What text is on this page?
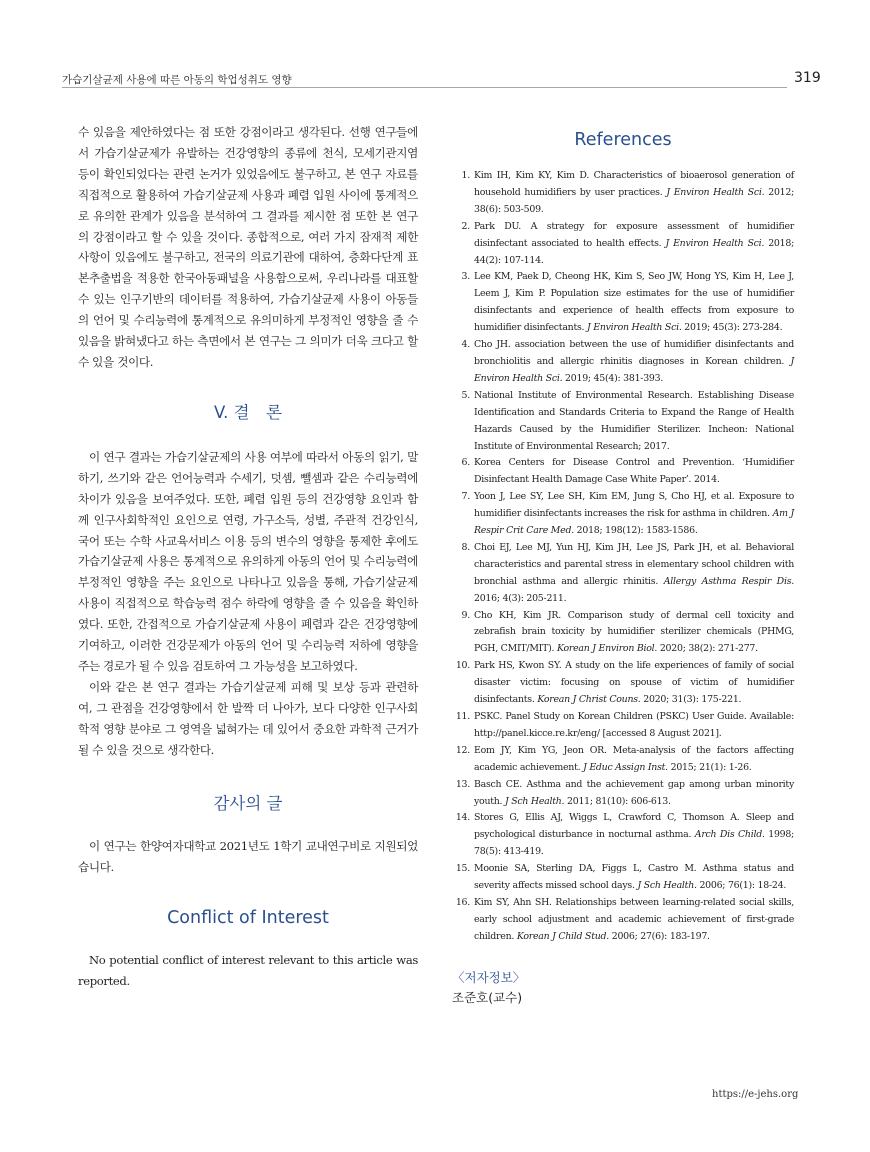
가습기살균제 사용에 따른 아동의 학업성취도 영향	319

수 있음을 제안하였다는 점 또한 강점이라고 생각된다. 선행 연구들에서 가습기살균제가 유발하는 건강영향의 종류에 천식, 모세기관지염 등이 확인되었다는 관련 논거가 있었음에도 불구하고, 본 연구 자료를 직접적으로 활용하여 가습기살균제 사용과 폐렴 입원 사이에 통계적으로 유의한 관계가 있음을 분석하여 그 결과를 제시한 점 또한 본 연구의 강점이라고 할 수 있을 것이다. 종합적으로, 여러 가지 잠재적 제한 사항이 있음에도 불구하고, 전국의 의료기관에 대하여, 층화다단계 표본추출법을 적용한 한국아동패널을 사용함으로써, 우리나라를 대표할 수 있는 인구기반의 데이터를 적용하여, 가습기살균제 사용이 아동들의 언어 및 수리능력에 통계적으로 유의미하게 부정적인 영향을 줄 수 있음을 밝혀냈다고 하는 측면에서 본 연구는 그 의미가 더욱 크다고 할 수 있을 것이다.

V. 결　론

이 연구 결과는 가습기살균제의 사용 여부에 따라서 아동의 읽기, 말하기, 쓰기와 같은 언어능력과 수세기, 덧셈, 뺄셈과 같은 수리능력에 차이가 있음을 보여주었다. 또한, 폐렴 입원 등의 건강영향 요인과 함께 인구사회학적인 요인으로 연령, 가구소득, 성별, 주관적 건강인식, 국어 또는 수학 사교육서비스 이용 등의 변수의 영향을 통제한 후에도 가습기살균제 사용은 통계적으로 유의하게 아동의 언어 및 수리능력에 부정적인 영향을 주는 요인으로 나타나고 있음을 통해, 가습기살균제 사용이 직접적으로 학습능력 점수 하락에 영향을 줄 수 있음을 확인하였다. 또한, 간접적으로 가습기살균제 사용이 폐렴과 같은 건강영향에 기여하고, 이러한 건강문제가 아동의 언어 및 수리능력 저하에 영향을 주는 경로가 될 수 있음 검토하여 그 가능성을 보고하였다.

이와 같은 본 연구 결과는 가습기살균제 피해 및 보상 등과 관련하여, 그 관점을 건강영향에서 한 발짝 더 나아가, 보다 다양한 인구사회학적 영향 분야로 그 영역을 넓혀가는 데 있어서 중요한 과학적 근거가 될 수 있을 것으로 생각한다.

감사의 글

이 연구는 한양여자대학교 2021년도 1학기 교내연구비로 지원되었습니다.

Conflict of Interest

No potential conflict of interest relevant to this article was reported.

References
1. Kim IH, Kim KY, Kim D. Characteristics of bioaerosol generation of household humidifiers by user practices. J Environ Health Sci. 2012; 38(6): 503-509.
2. Park DU. A strategy for exposure assessment of humidifier disinfectant associated to health effects. J Environ Health Sci. 2018; 44(2): 107-114.
3. Lee KM, Paek D, Cheong HK, Kim S, Seo JW, Hong YS, Kim H, Lee J, Leem J, Kim P. Population size estimates for the use of humidifier disinfectants and experience of health effects from exposure to humidifier disinfectants. J Environ Health Sci. 2019; 45(3): 273-284.
4. Cho JH. association between the use of humidifier disinfectants and bronchiolitis and allergic rhinitis diagnoses in Korean children. J Environ Health Sci. 2019; 45(4): 381-393.
5. National Institute of Environmental Research. Establishing Disease Identification and Standards Criteria to Expand the Range of Health Hazards Caused by the Humidifier Sterilizer. Incheon: National Institute of Environmental Research; 2017.
6. Korea Centers for Disease Control and Prevention. ‘Humidifier Disinfectant Health Damage Case White Paper’. 2014.
7. Yoon J, Lee SY, Lee SH, Kim EM, Jung S, Cho HJ, et al. Exposure to humidifier disinfectants increases the risk for asthma in children. Am J Respir Crit Care Med. 2018; 198(12): 1583-1586.
8. Choi EJ, Lee MJ, Yun HJ, Kim JH, Lee JS, Park JH, et al. Behavioral characteristics and parental stress in elementary school children with bronchial asthma and allergic rhinitis. Allergy Asthma Respir Dis. 2016; 4(3): 205-211.
9. Cho KH, Kim JR. Comparison study of dermal cell toxicity and zebrafish brain toxicity by humidifier sterilizer chemicals (PHMG, PGH, CMIT/MIT). Korean J Environ Biol. 2020; 38(2): 271-277.
10. Park HS, Kwon SY. A study on the life experiences of family of social disaster victim: focusing on spouse of victim of humidifier disinfectants. Korean J Christ Couns. 2020; 31(3): 175-221.
11. PSKC. Panel Study on Korean Children (PSKC) User Guide. Available: http://panel.kicce.re.kr/eng/ [accessed 8 August 2021].
12. Eom JY, Kim YG, Jeon OR. Meta-analysis of the factors affecting academic achievement. J Educ Assign Inst. 2015; 21(1): 1-26.
13. Basch CE. Asthma and the achievement gap among urban minority youth. J Sch Health. 2011; 81(10): 606-613.
14. Stores G, Ellis AJ, Wiggs L, Crawford C, Thomson A. Sleep and psychological disturbance in nocturnal asthma. Arch Dis Child. 1998; 78(5): 413-419.
15. Moonie SA, Sterling DA, Figgs L, Castro M. Asthma status and severity affects missed school days. J Sch Health. 2006; 76(1): 18-24.
16. Kim SY, Ahn SH. Relationships between learning-related social skills, early school adjustment and academic achievement of first-grade children. Korean J Child Stud. 2006; 27(6): 183-197.

〈저자정보〉

조준호(교수)

https://e-jehs.org
